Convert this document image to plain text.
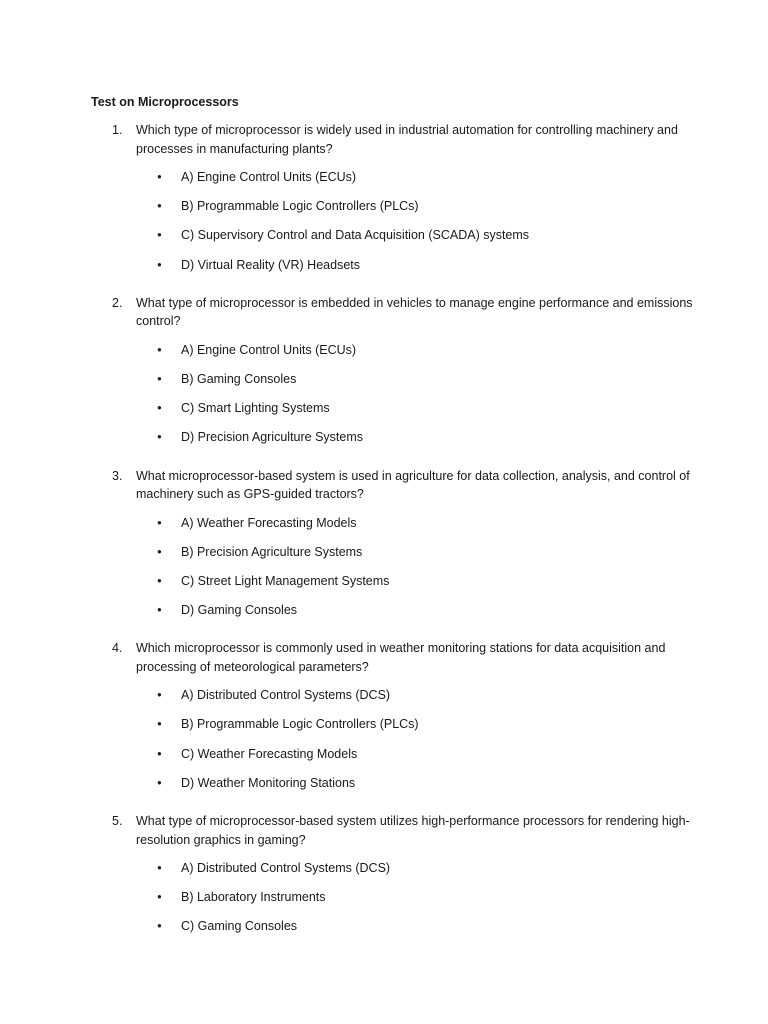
Test on Microprocessors
1.	Which type of microprocessor is widely used in industrial automation for controlling machinery and processes in manufacturing plants?

● A) Engine Control Units (ECUs)
● B) Programmable Logic Controllers (PLCs)
● C) Supervisory Control and Data Acquisition (SCADA) systems
● D) Virtual Reality (VR) Headsets
2.	What type of microprocessor is embedded in vehicles to manage engine performance and emissions control?

● A) Engine Control Units (ECUs)
● B) Gaming Consoles
● C) Smart Lighting Systems
● D) Precision Agriculture Systems
3.	What microprocessor-based system is used in agriculture for data collection, analysis, and control of machinery such as GPS-guided tractors?

● A) Weather Forecasting Models
● B) Precision Agriculture Systems
● C) Street Light Management Systems
● D) Gaming Consoles
4.	Which microprocessor is commonly used in weather monitoring stations for data acquisition and processing of meteorological parameters?

● A) Distributed Control Systems (DCS)
● B) Programmable Logic Controllers (PLCs)
● C) Weather Forecasting Models
● D) Weather Monitoring Stations
5.	What type of microprocessor-based system utilizes high-performance processors for rendering high-resolution graphics in gaming?

● A) Distributed Control Systems (DCS)
● B) Laboratory Instruments
● C) Gaming Consoles
